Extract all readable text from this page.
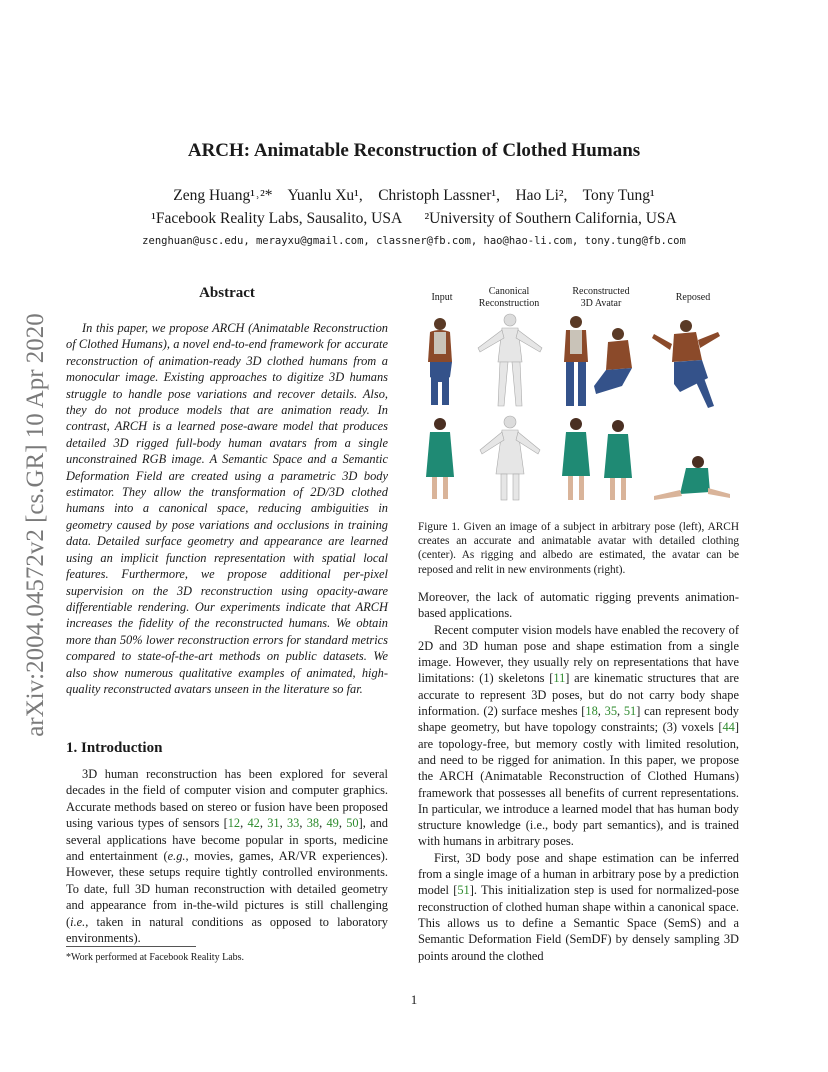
ARCH: Animatable Reconstruction of Clothed Humans
Zeng Huang¹˒²*    Yuanlu Xu¹,    Christoph Lassner¹,    Hao Li²,    Tony Tung¹
¹Facebook Reality Labs, Sausalito, USA      ²University of Southern California, USA
zenghuan@usc.edu, merayxu@gmail.com, classner@fb.com, hao@hao-li.com, tony.tung@fb.com
arXiv:2004.04572v2 [cs.GR] 10 Apr 2020
Abstract

In this paper, we propose ARCH (Animatable Reconstruction of Clothed Humans), a novel end-to-end framework for accurate reconstruction of animation-ready 3D clothed humans from a monocular image. Existing approaches to digitize 3D humans struggle to handle pose variations and recover details. Also, they do not produce models that are animation ready. In contrast, ARCH is a learned pose-aware model that produces detailed 3D rigged full-body human avatars from a single unconstrained RGB image. A Semantic Space and a Semantic Deformation Field are created using a parametric 3D body estimator. They allow the transformation of 2D/3D clothed humans into a canonical space, reducing ambiguities in geometry caused by pose variations and occlusions in training data. Detailed surface geometry and appearance are learned using an implicit function representation with spatial local features. Furthermore, we propose additional per-pixel supervision on the 3D reconstruction using opacity-aware differentiable rendering. Our experiments indicate that ARCH increases the fidelity of the reconstructed humans. We obtain more than 50% lower reconstruction errors for standard metrics compared to state-of-the-art methods on public datasets. We also show numerous qualitative examples of animated, high-quality reconstructed avatars unseen in the literature so far.

1. Introduction

3D human reconstruction has been explored for several decades in the field of computer vision and computer graphics. Accurate methods based on stereo or fusion have been proposed using various types of sensors [12, 42, 31, 33, 38, 49, 50], and several applications have become popular in sports, medicine and entertainment (e.g., movies, games, AR/VR experiences). However, these setups require tightly controlled environments. To date, full 3D human reconstruction with detailed geometry and appearance from in-the-wild pictures is still challenging (i.e., taken in natural conditions as opposed to laboratory environments).

*Work performed at Facebook Reality Labs.
Input
Canonical
Reconstruction
Reconstructed
3D Avatar
Reposed

Figure 1. Given an image of a subject in arbitrary pose (left), ARCH creates an accurate and animatable avatar with detailed clothing (center). As rigging and albedo are estimated, the avatar can be reposed and relit in new environments (right).

Moreover, the lack of automatic rigging prevents animation-based applications.

Recent computer vision models have enabled the recovery of 2D and 3D human pose and shape estimation from a single image. However, they usually rely on representations that have limitations: (1) skeletons [11] are kinematic structures that are accurate to represent 3D poses, but do not carry body shape information. (2) surface meshes [18, 35, 51] can represent body shape geometry, but have topology constraints; (3) voxels [44] are topology-free, but memory costly with limited resolution, and need to be rigged for animation. In this paper, we propose the ARCH (Animatable Reconstruction of Clothed Humans) framework that possesses all benefits of current representations. In particular, we introduce a learned model that has human body structure knowledge (i.e., body part semantics), and is trained with humans in arbitrary poses.

First, 3D body pose and shape estimation can be inferred from a single image of a human in arbitrary pose by a prediction model [51]. This initialization step is used for normalized-pose reconstruction of clothed human shape within a canonical space. This allows us to define a Semantic Space (SemS) and a Semantic Deformation Field (SemDF) by densely sampling 3D points around the clothed

1
